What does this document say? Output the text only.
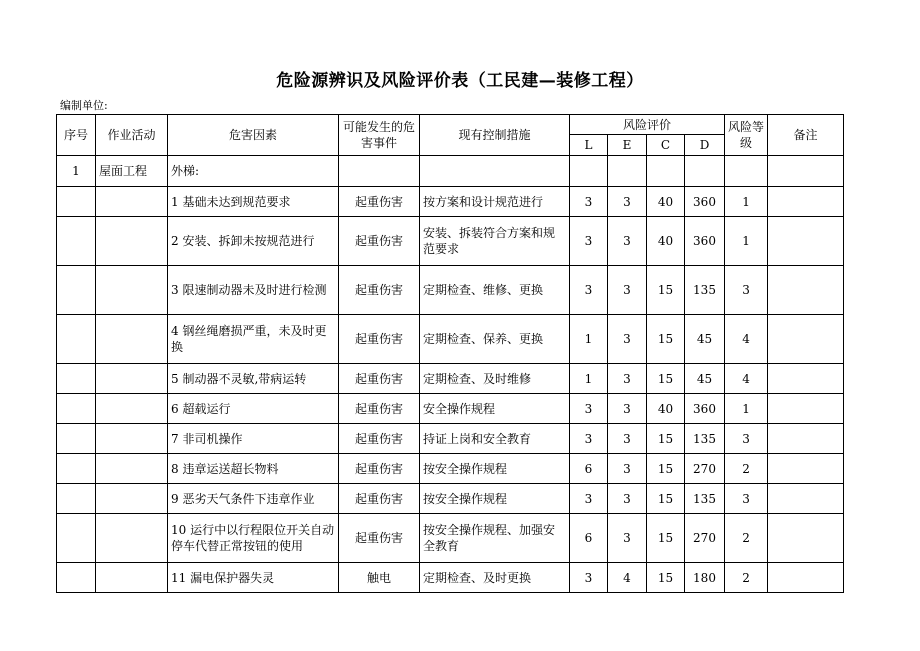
危险源辨识及风险评价表（工民建—装修工程）
编制单位:
序号	作业活动	危害因素	可能发生的危害事件	现有控制措施	风险评价				风险等级	备注
					L	E	C	D		
1	屋面工程	外梯:								
		1 基础未达到规范要求	起重伤害	按方案和设计规范进行	3	3	40	360	1	
		2 安装、拆卸未按规范进行	起重伤害	安装、拆装符合方案和规范要求	3	3	40	360	1	
		3 限速制动器未及时进行检测	起重伤害	定期检查、维修、更换	3	3	15	135	3	
		4 钢丝绳磨损严重，未及时更换	起重伤害	定期检查、保养、更换	1	3	15	45	4	
		5 制动器不灵敏,带病运转	起重伤害	定期检查、及时维修	1	3	15	45	4	
		6 超载运行	起重伤害	安全操作规程	3	3	40	360	1	
		7 非司机操作	起重伤害	持证上岗和安全教育	3	3	15	135	3	
		8 违章运送超长物料	起重伤害	按安全操作规程	6	3	15	270	2	
		9 恶劣天气条件下违章作业	起重伤害	按安全操作规程	3	3	15	135	3	
		10 运行中以行程限位开关自动停车代替正常按钮的使用	起重伤害	按安全操作规程、加强安全教育	6	3	15	270	2	
		11 漏电保护器失灵	触电	定期检查、及时更换	3	4	15	180	2	
